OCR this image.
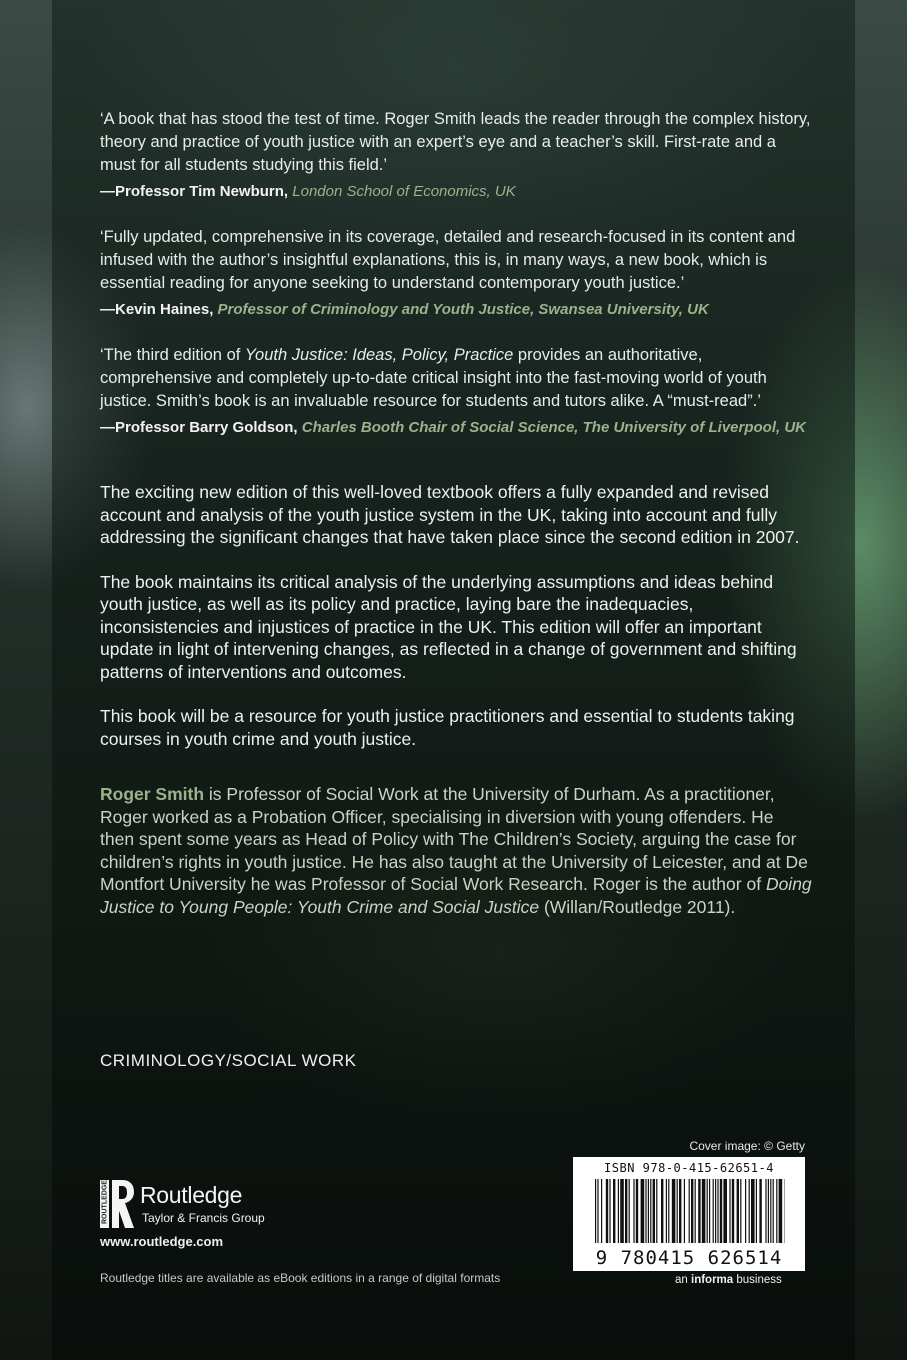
‘A book that has stood the test of time. Roger Smith leads the reader through the complex history, theory and practice of youth justice with an expert’s eye and a teacher’s skill. First-rate and a must for all students studying this field.’

—Professor Tim Newburn, London School of Economics, UK

‘Fully updated, comprehensive in its coverage, detailed and research-focused in its content and infused with the author’s insightful explanations, this is, in many ways, a new book, which is essential reading for anyone seeking to understand contemporary youth justice.’

—Kevin Haines, Professor of Criminology and Youth Justice, Swansea University, UK

‘The third edition of Youth Justice: Ideas, Policy, Practice provides an authoritative, comprehensive and completely up-to-date critical insight into the fast-moving world of youth justice. Smith’s book is an invaluable resource for students and tutors alike. A “must-read”.’

—Professor Barry Goldson, Charles Booth Chair of Social Science, The University of Liverpool, UK

The exciting new edition of this well-loved textbook offers a fully expanded and revised account and analysis of the youth justice system in the UK, taking into account and fully addressing the significant changes that have taken place since the second edition in 2007.

The book maintains its critical analysis of the underlying assumptions and ideas behind youth justice, as well as its policy and practice, laying bare the inadequacies, inconsistencies and injustices of practice in the UK. This edition will offer an important update in light of intervening changes, as reflected in a change of government and shifting patterns of interventions and outcomes.

This book will be a resource for youth justice practitioners and essential to students taking courses in youth crime and youth justice.

Roger Smith is Professor of Social Work at the University of Durham. As a practitioner, Roger worked as a Probation Officer, specialising in diversion with young offenders. He then spent some years as Head of Policy with The Children’s Society, arguing the case for children’s rights in youth justice. He has also taught at the University of Leicester, and at De Montfort University he was Professor of Social Work Research. Roger is the author of Doing Justice to Young People: Youth Crime and Social Justice (Willan/Routledge 2011).

CRIMINOLOGY/SOCIAL WORK
ROUTLEDGE Routledge
Taylor & Francis Group
www.routledge.com
Routledge titles are available as eBook editions in a range of digital formats
Cover image: © Getty
ISBN 978-0-415-62651-4
9 780415 626514
an informa business
